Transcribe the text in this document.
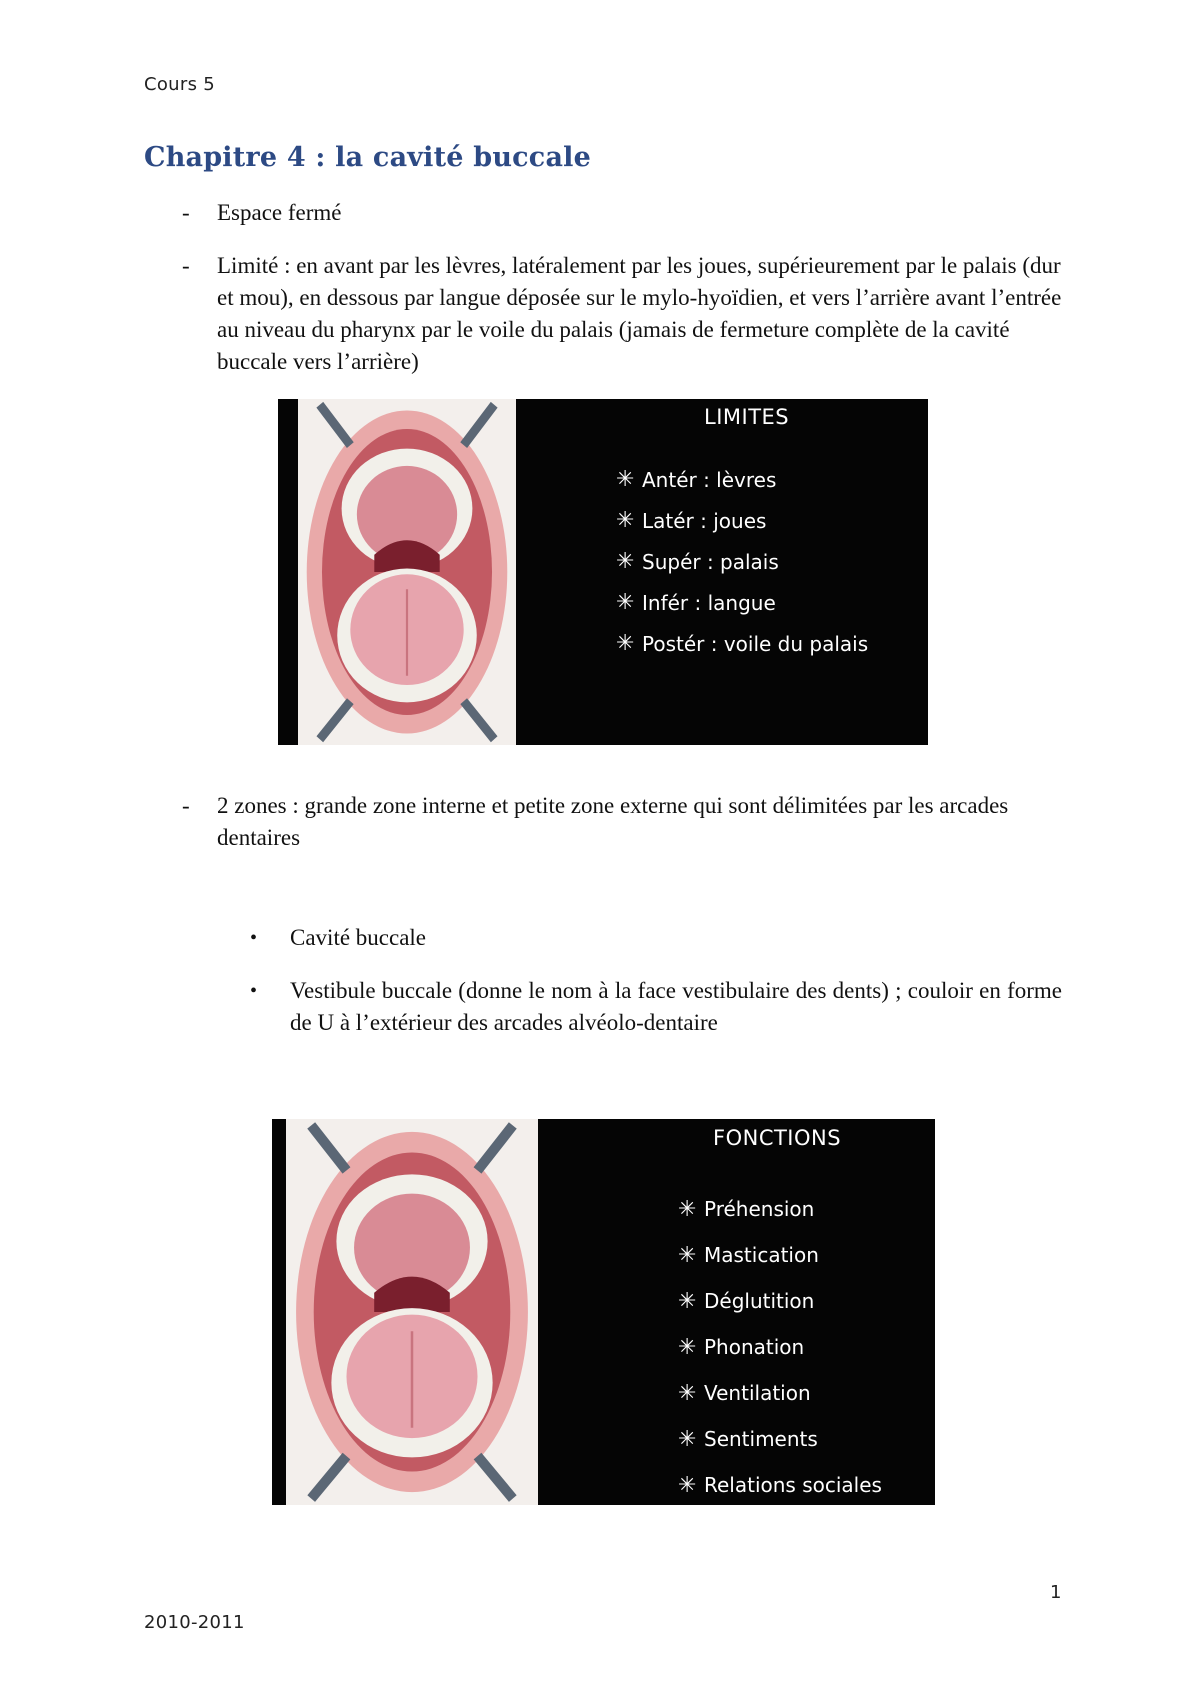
Cours 5
Chapitre 4 : la cavité buccale
-	Espace fermé
-	Limité : en avant par les lèvres, latéralement par les joues, supérieurement par le palais (dur et mou), en dessous par langue déposée sur le mylo-hyoïdien, et vers l’arrière avant l’entrée au niveau du pharynx par le voile du palais (jamais de fermeture complète de la cavité buccale vers l’arrière)
LIMITES
✳ Antér : lèvres
✳ Latér : joues
✳ Supér : palais
✳ Infér : langue
✳ Postér : voile du palais
-	2 zones : grande zone interne et petite zone externe qui sont délimitées par les arcades dentaires
• Cavité buccale
• Vestibule buccale (donne le nom à la face vestibulaire des dents) ; couloir en forme de U à l’extérieur des arcades alvéolo-dentaire
FONCTIONS
✳ Préhension
✳ Mastication
✳ Déglutition
✳ Phonation
✳ Ventilation
✳ Sentiments
✳ Relations sociales
1
2010-2011
